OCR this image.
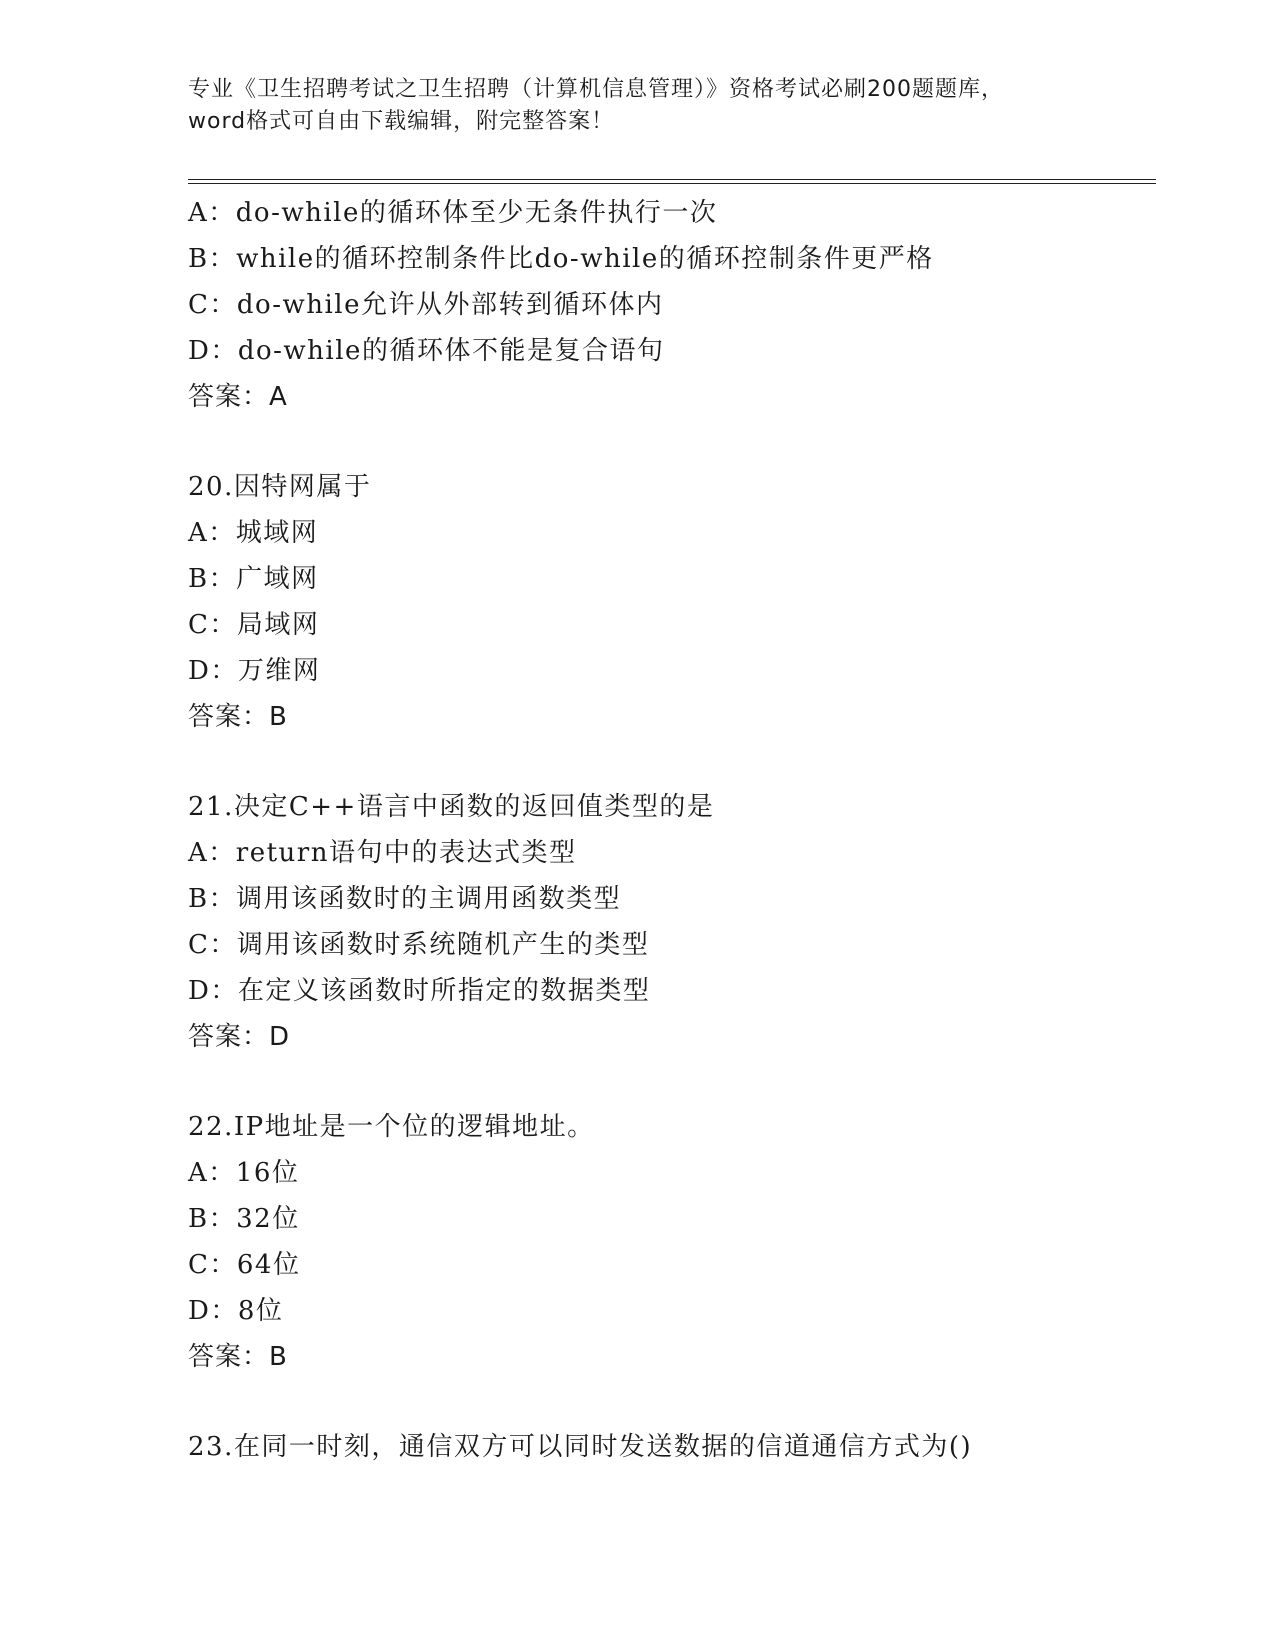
专业《卫生招聘考试之卫生招聘（计算机信息管理）》资格考试必刷200题题库，
word格式可自由下载编辑，附完整答案！
A：do-while的循环体至少无条件执行一次
B：while的循环控制条件比do-while的循环控制条件更严格
C：do-while允许从外部转到循环体内
D：do-while的循环体不能是复合语句
答案：A
20.因特网属于
A：城域网
B：广域网
C：局域网
D：万维网
答案：B
21.决定C++语言中函数的返回值类型的是
A：return语句中的表达式类型
B：调用该函数时的主调用函数类型
C：调用该函数时系统随机产生的类型
D：在定义该函数时所指定的数据类型
答案：D
22.IP地址是一个位的逻辑地址。
A：16位
B：32位
C：64位
D：8位
答案：B
23.在同一时刻，通信双方可以同时发送数据的信道通信方式为()
